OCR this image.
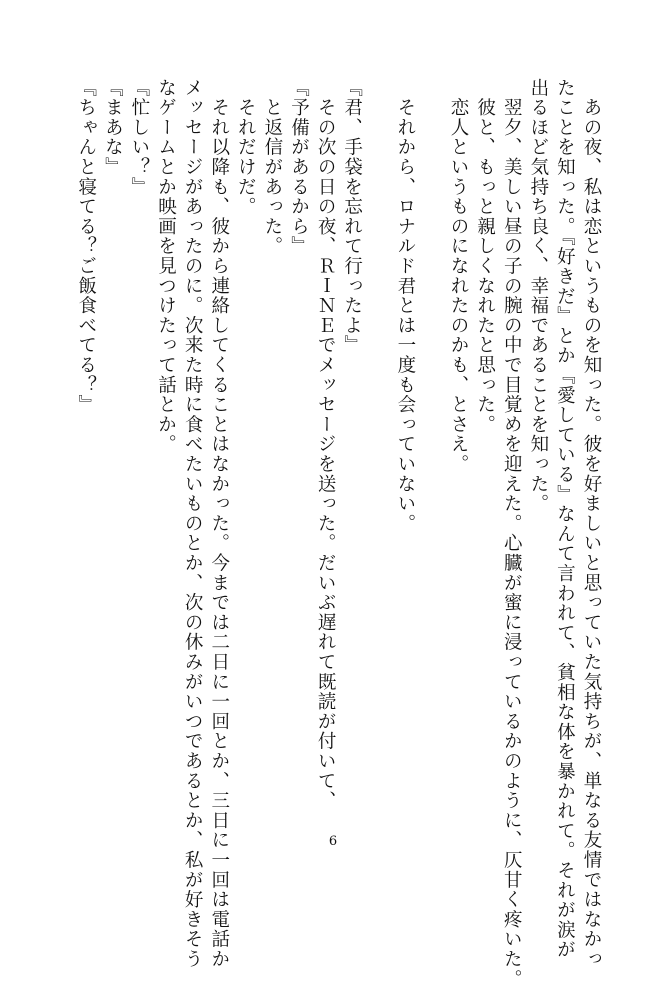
　あの夜、私は恋というものを知った。彼を好ましいと思っていた気持ちが、単なる友情ではなかっ

たことを知った。『好きだ』とか『愛している』なんて言われて、貧相な体を暴かれて。それが涙が

出るほど気持ち良く、幸福であることを知った。

　翌夕、美しい昼の子の腕の中で目覚めを迎えた。心臓が蜜に浸っているかのように、仄甘く疼いた。

　彼と、もっと親しくなれたと思った。

　恋人というものになれたのかも、とさえ。

　それから、ロナルド君とは一度も会っていない。

『君、手袋を忘れて行ったよ』

　その次の日の夜、ＲＩＮＥでメッセージを送った。だいぶ遅れて既読が付いて、

『予備があるから』

　と返信があった。

　それだけだ。

　それ以降も、彼から連絡してくることはなかった。今までは二日に一回とか、三日に一回は電話か

メッセージがあったのに。次来た時に食べたいものとか、次の休みがいつであるとか、私が好きそう

なゲームとか映画を見つけたって話とか。

『忙しい？』

『まあな』

『ちゃんと寝てる？ご飯食べてる？』

6
